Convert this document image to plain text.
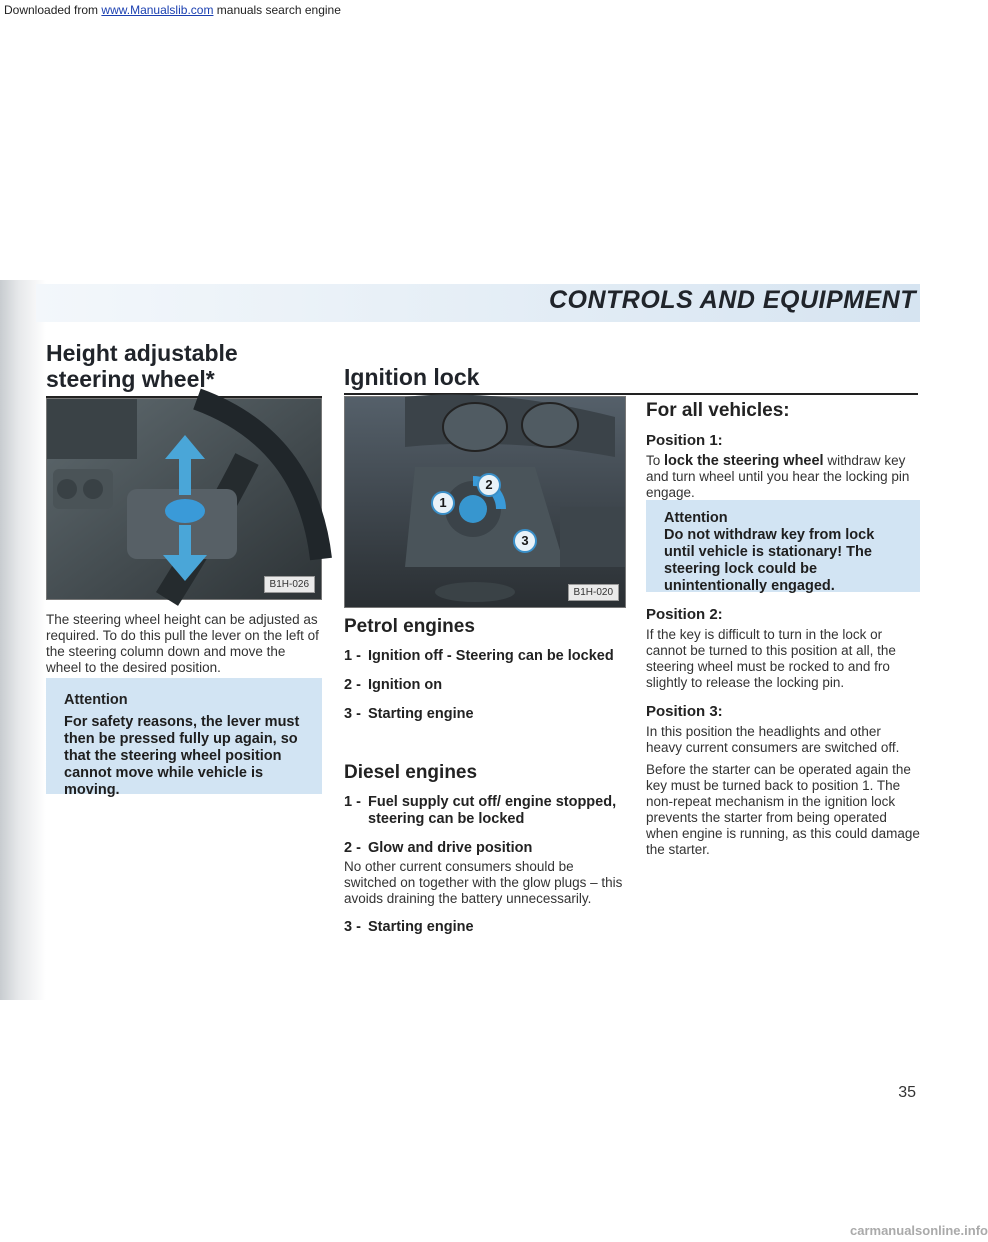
Downloaded from www.Manualslib.com manuals search engine
CONTROLS AND EQUIPMENT
Height adjustable
steering wheel*
B1H-026
The steering wheel height can be adjusted as required. To do this pull the lever on the left of the steering column down and move the wheel to the desired position.
Attention
For safety reasons, the lever must then be pressed fully up again, so that the steering wheel position cannot move while vehicle is moving.
Ignition lock
1
2
3
B1H-020
Petrol engines
1 - Ignition off - Steering can be locked
2 - Ignition on
3 - Starting engine
Diesel engines
1 - Fuel supply cut off/ engine stopped, steering can be locked
2 - Glow and drive position
No other current consumers should be switched on together with the glow plugs – this avoids draining the battery unnecessarily.
3 - Starting engine
For all vehicles:
Position 1:
To lock the steering wheel withdraw key and turn wheel until you hear the locking pin engage.
Attention
Do not withdraw key from lock until vehicle is stationary! The steering lock could be unintentionally engaged.
Position 2:
If the key is difficult to turn in the lock or cannot be turned to this position at all, the steering wheel must be rocked to and fro slightly to release the locking pin.
Position 3:
In this position the headlights and other heavy current consumers are switched off.
Before the starter can be operated again the key must be turned back to position 1. The non-repeat mechanism in the ignition lock prevents the starter from being operated when engine is running, as this could damage the starter.
35
carmanualsonline.info
